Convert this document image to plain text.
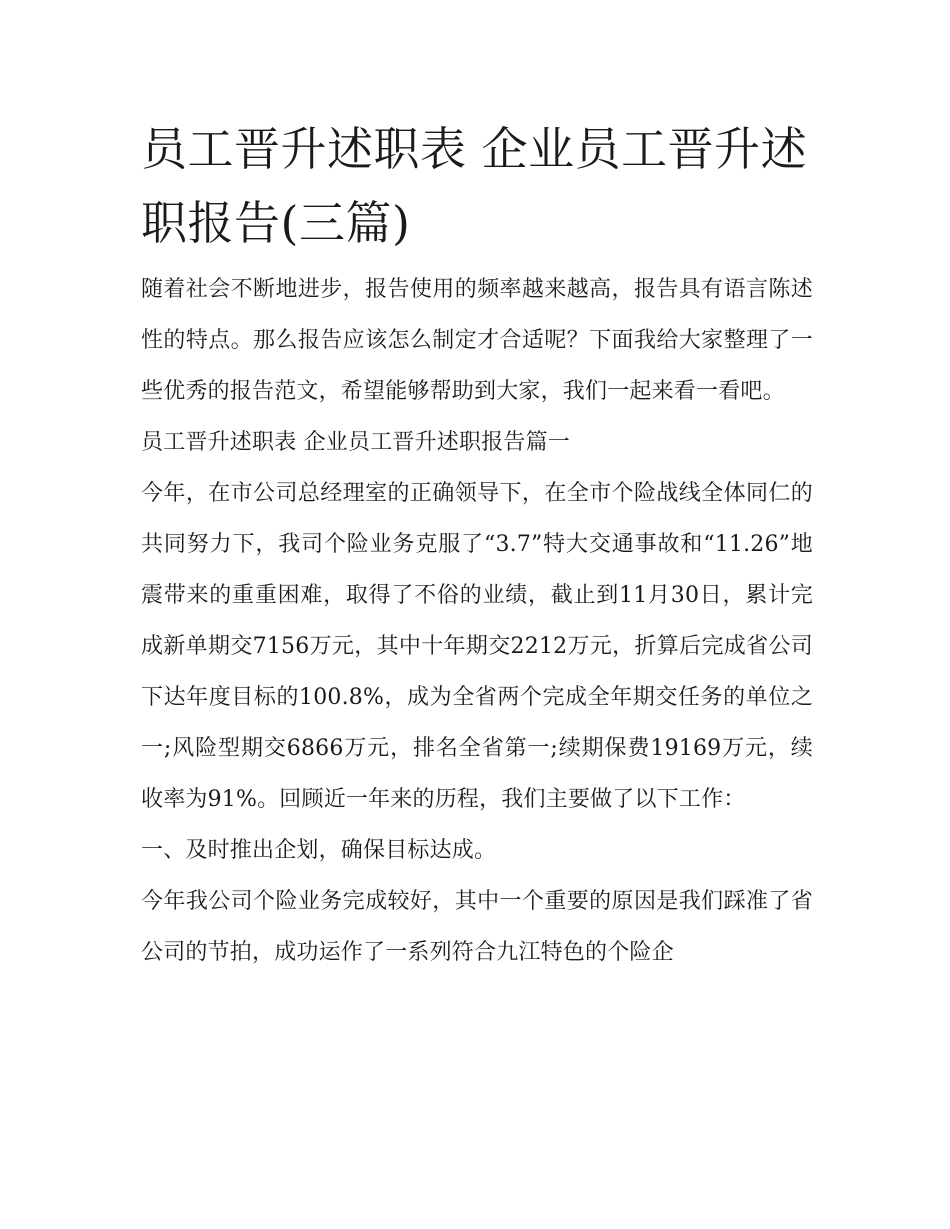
员工晋升述职表 企业员工晋升述职报告(三篇)

随着社会不断地进步，报告使用的频率越来越高，报告具有语言陈述性的特点。那么报告应该怎么制定才合适呢？下面我给大家整理了一些优秀的报告范文，希望能够帮助到大家，我们一起来看一看吧。

员工晋升述职表 企业员工晋升述职报告篇一

今年，在市公司总经理室的正确领导下，在全市个险战线全体同仁的共同努力下，我司个险业务克服了“3.7”特大交通事故和“11.26”地震带来的重重困难，取得了不俗的业绩，截止到11月30日，累计完成新单期交7156万元，其中十年期交2212万元，折算后完成省公司下达年度目标的100.8%，成为全省两个完成全年期交任务的单位之一;风险型期交6866万元，排名全省第一;续期保费19169万元，续收率为91%。回顾近一年来的历程，我们主要做了以下工作：

一、及时推出企划，确保目标达成。

今年我公司个险业务完成较好，其中一个重要的原因是我们踩准了省公司的节拍，成功运作了一系列符合九江特色的个险企
